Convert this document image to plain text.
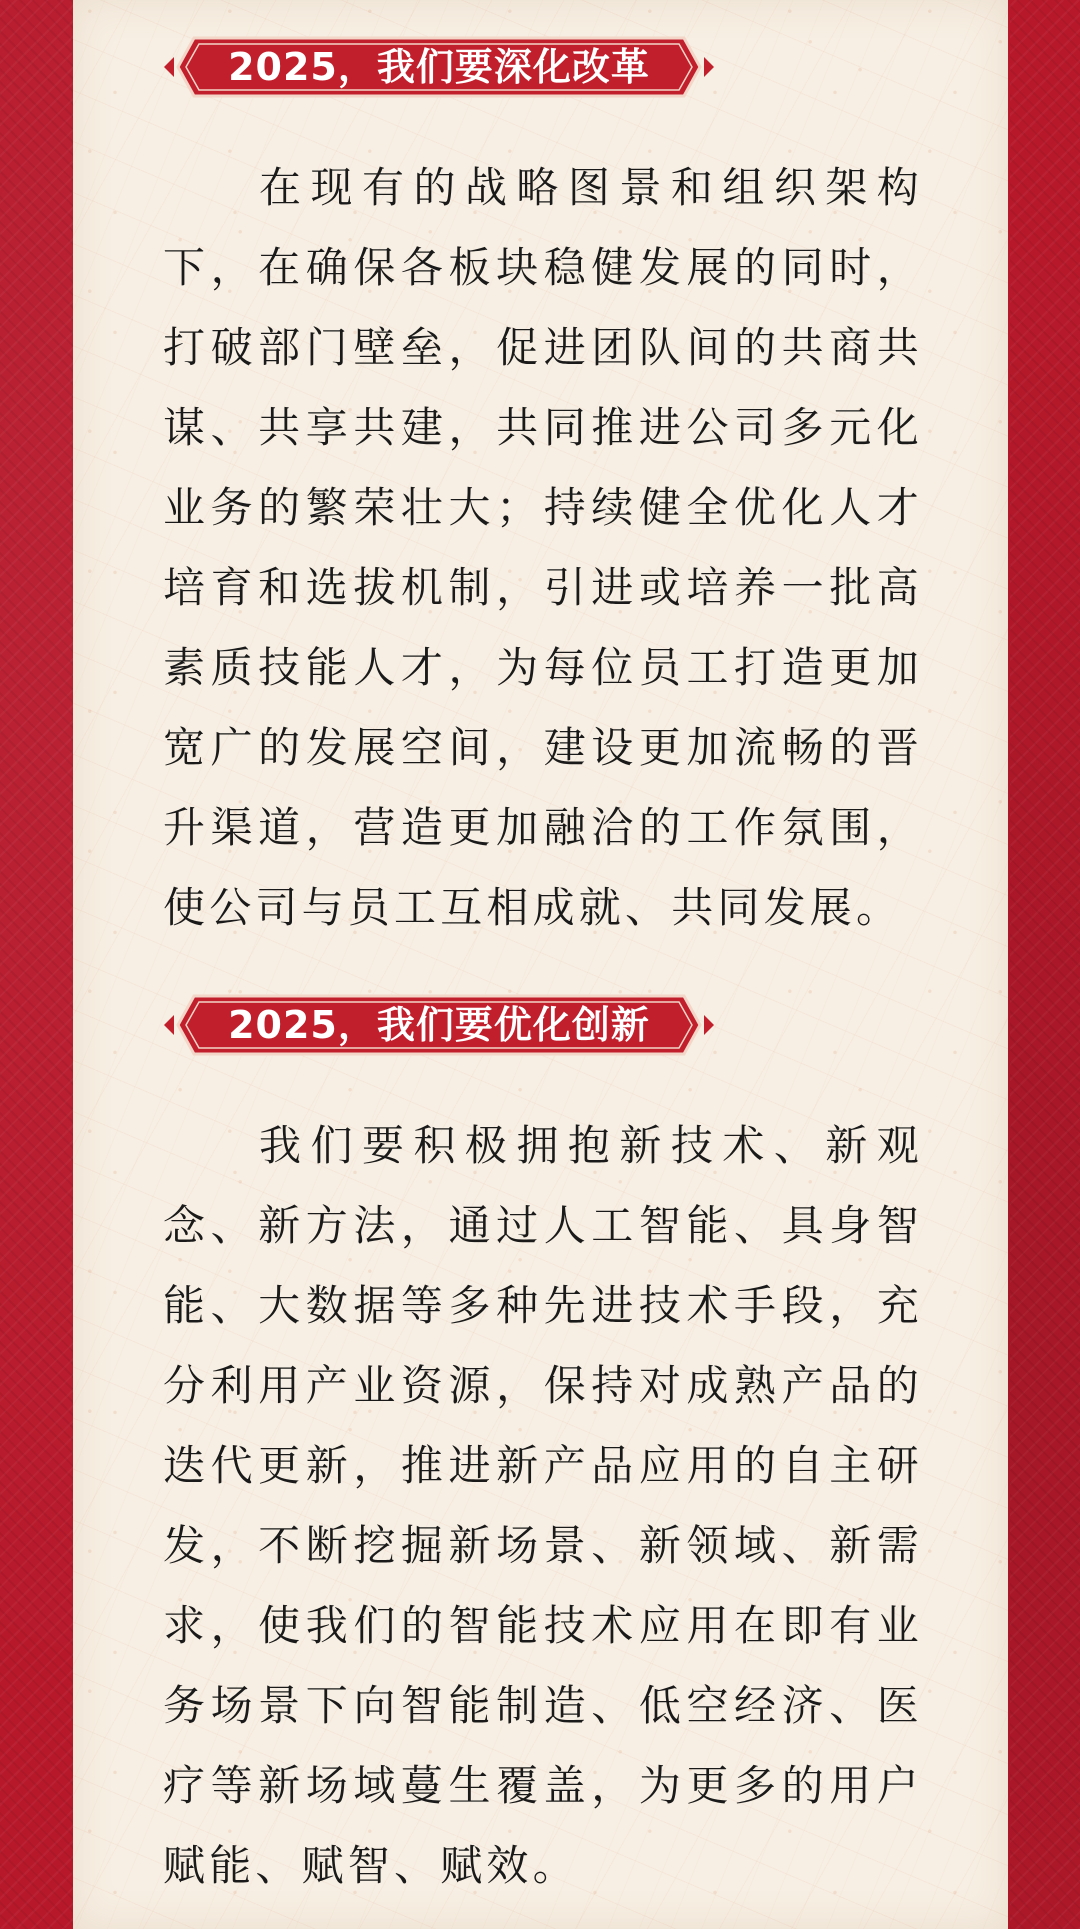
2025，我们要深化改革

在现有的战略图景和组织架构下，在确保各板块稳健发展的同时，打破部门壁垒，促进团队间的共商共谋、共享共建，共同推进公司多元化业务的繁荣壮大；持续健全优化人才培育和选拔机制，引进或培养一批高素质技能人才，为每位员工打造更加宽广的发展空间，建设更加流畅的晋升渠道，营造更加融洽的工作氛围，使公司与员工互相成就、共同发展。

2025，我们要优化创新

我们要积极拥抱新技术、新观念、新方法，通过人工智能、具身智能、大数据等多种先进技术手段，充分利用产业资源，保持对成熟产品的迭代更新，推进新产品应用的自主研发，不断挖掘新场景、新领域、新需求，使我们的智能技术应用在即有业务场景下向智能制造、低空经济、医疗等新场域蔓生覆盖，为更多的用户赋能、赋智、赋效。
